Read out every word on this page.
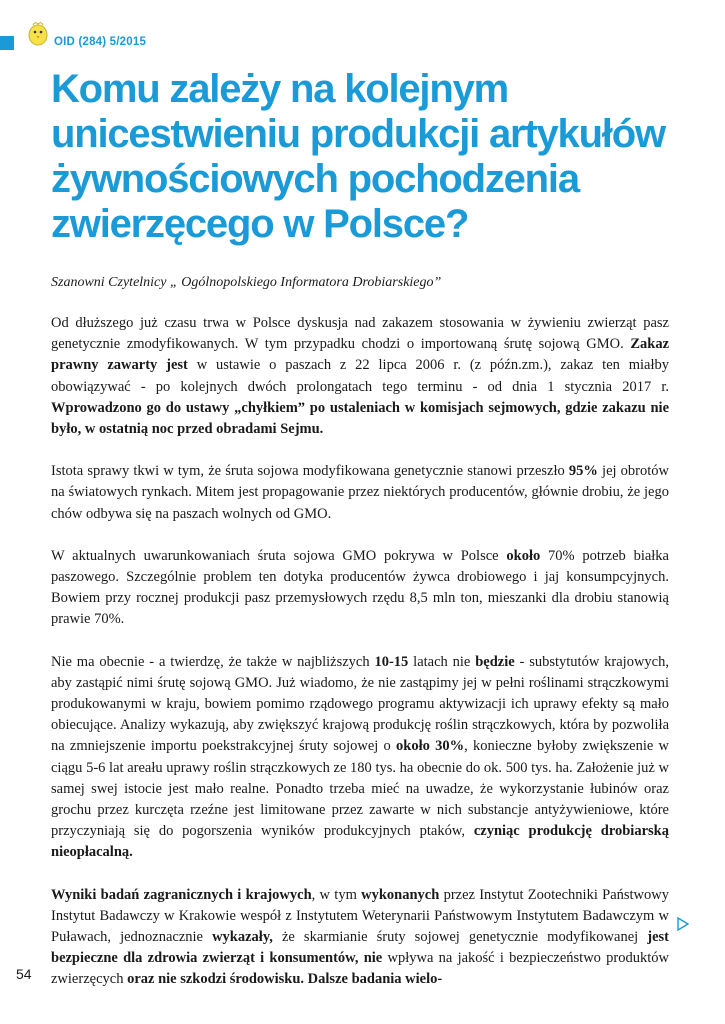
OID (284) 5/2015
Komu zależy na kolejnym unicestwieniu produkcji artykułów żywnościowych pochodzenia zwierzęcego w Polsce?

Szanowni Czytelnicy „ Ogólnopolskiego Informatora Drobiarskiego”

Od dłuższego już czasu trwa w Polsce dyskusja nad zakazem stosowania w żywieniu zwierząt pasz genetycznie zmodyfikowanych. W tym przypadku chodzi o importowaną śrutę sojową GMO. Zakaz prawny zawarty jest w ustawie o paszach z 22 lipca 2006 r. (z późn.zm.), zakaz ten miałby obowiązywać - po kolejnych dwóch prolongatach tego terminu - od dnia 1 stycznia 2017 r. Wprowadzono go do ustawy „chyłkiem” po ustaleniach w komisjach sejmowych, gdzie zakazu nie było, w ostatnią noc przed obradami Sejmu.

Istota sprawy tkwi w tym, że śruta sojowa modyfikowana genetycznie stanowi przeszło 95% jej obrotów na światowych rynkach. Mitem jest propagowanie przez niektórych producentów, głównie drobiu, że jego chów odbywa się na paszach wolnych od GMO.

W aktualnych uwarunkowaniach śruta sojowa GMO pokrywa w Polsce około 70% potrzeb białka paszowego. Szczególnie problem ten dotyka producentów żywca drobiowego i jaj konsumpcyjnych. Bowiem przy rocznej produkcji pasz przemysłowych rzędu 8,5 mln ton, mieszanki dla drobiu stanowią prawie 70%.

Nie ma obecnie - a twierdzę, że także w najbliższych 10-15 latach nie będzie - substytutów krajowych, aby zastąpić nimi śrutę sojową GMO. Już wiadomo, że nie zastąpimy jej w pełni roślinami strączkowymi produkowanymi w kraju, bowiem pomimo rządowego programu aktywizacji ich uprawy efekty są mało obiecujące. Analizy wykazują, aby zwiększyć krajową produkcję roślin strączkowych, która by pozwoliła na zmniejszenie importu poekstrakcyjnej śruty sojowej o około 30%, konieczne byłoby zwiększenie w ciągu 5-6 lat areału uprawy roślin strączkowych ze 180 tys. ha obecnie do ok. 500 tys. ha. Założenie już w samej swej istocie jest mało realne. Ponadto trzeba mieć na uwadze, że wykorzystanie łubinów oraz grochu przez kurczęta rzeźne jest limitowane przez zawarte w nich substancje antyżywieniowe, które przyczyniają się do pogorszenia wyników produkcyjnych ptaków, czyniąc produkcję drobiarską nieopłacalną.

Wyniki badań zagranicznych i krajowych, w tym wykonanych przez Instytut Zootechniki Państwowy Instytut Badawczy w Krakowie wespół z Instytutem Weterynarii Państwowym Instytutem Badawczym w Puławach, jednoznacznie wykazały, że skarmianie śruty sojowej genetycznie modyfikowanej jest bezpieczne dla zdrowia zwierząt i konsumentów, nie wpływa na jakość i bezpieczeństwo produktów zwierzęcych oraz nie szkodzi środowisku. Dalsze badania wielo-

54
